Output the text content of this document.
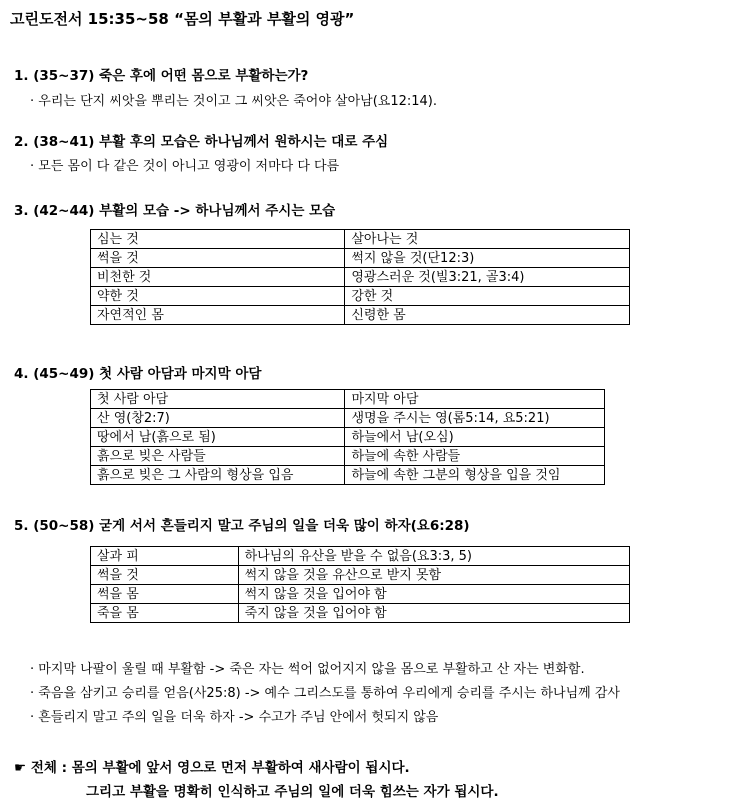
고린도전서 15:35~58 “몸의 부활과 부활의 영광”
1. (35~37) 죽은 후에 어떤 몸으로 부활하는가?
· 우리는 단지 씨앗을 뿌리는 것이고 그 씨앗은 죽어야 살아남(요12:14).
2. (38~41) 부활 후의 모습은 하나님께서 원하시는 대로 주심
· 모든 몸이 다 같은 것이 아니고 영광이 저마다 다 다름
3. (42~44) 부활의 모습 -> 하나님께서 주시는 모습
심는 것	살아나는 것
썩을 것	썩지 않을 것(단12:3)
비천한 것	영광스러운 것(빌3:21, 골3:4)
약한 것	강한 것
자연적인 몸	신령한 몸
4. (45~49) 첫 사람 아담과 마지막 아담
첫 사람 아담	마지막 아담
산 영(창2:7)	생명을 주시는 영(롬5:14, 요5:21)
땅에서 남(흙으로 됨)	하늘에서 남(오심)
흙으로 빚은 사람들	하늘에 속한 사람들
흙으로 빚은 그 사람의 형상을 입음	하늘에 속한 그분의 형상을 입을 것임
5. (50~58) 굳게 서서 흔들리지 말고 주님의 일을 더욱 많이 하자(요6:28)
살과 피	하나님의 유산을 받을 수 없음(요3:3, 5)
썩을 것	썩지 않을 것을 유산으로 받지 못함
썩을 몸	썩지 않을 것을 입어야 함
죽을 몸	죽지 않을 것을 입어야 함
· 마지막 나팔이 울릴 때 부활함 -> 죽은 자는 썩어 없어지지 않을 몸으로 부활하고 산 자는 변화함.
· 죽음을 삼키고 승리를 얻음(사25:8) -> 예수 그리스도를 통하여 우리에게 승리를 주시는 하나님께 감사
· 흔들리지 말고 주의 일을 더욱 하자 -> 수고가 주님 안에서 헛되지 않음
☛ 전체 : 몸의 부활에 앞서 영으로 먼저 부활하여 새사람이 됩시다.
그리고 부활을 명확히 인식하고 주님의 일에 더욱 힘쓰는 자가 됩시다.
